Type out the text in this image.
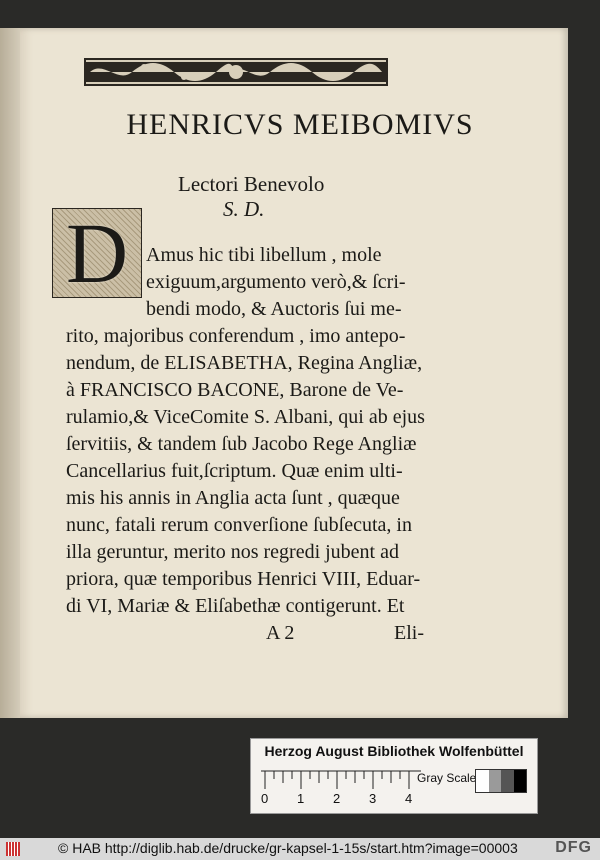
HENRICVS MEIBOMIVS
Lectori Benevolo
S. D.
D Amus hic tibi libellum , mole
exiguum,argumento verò,& ſcri-
bendi modo, & Auctoris ſui me-
rito, majoribus conferendum , imo antepo-
nendum, de ELISABETHA, Regina Angliæ,
à FRANCISCO BACONE, Barone de Ve-
rulamio,& ViceComite S. Albani, qui ab ejus
ſervitiis, & tandem ſub Jacobo Rege Angliæ
Cancellarius fuit,ſcriptum. Quæ enim ulti-
mis his annis in Anglia acta ſunt , quæque
nunc, fatali rerum converſione ſubſecuta, in
illa geruntur, merito nos regredi jubent ad
priora, quæ temporibus Henrici VIII, Eduar-
di VI, Mariæ & Eliſabethæ contigerunt. Et
A 2	Eli-
Herzog August Bibliothek Wolfenbüttel
0 1 2 3 4
Gray Scale
© HAB http://diglib.hab.de/drucke/gr-kapsel-1-15s/start.htm?image=00003 DFG
